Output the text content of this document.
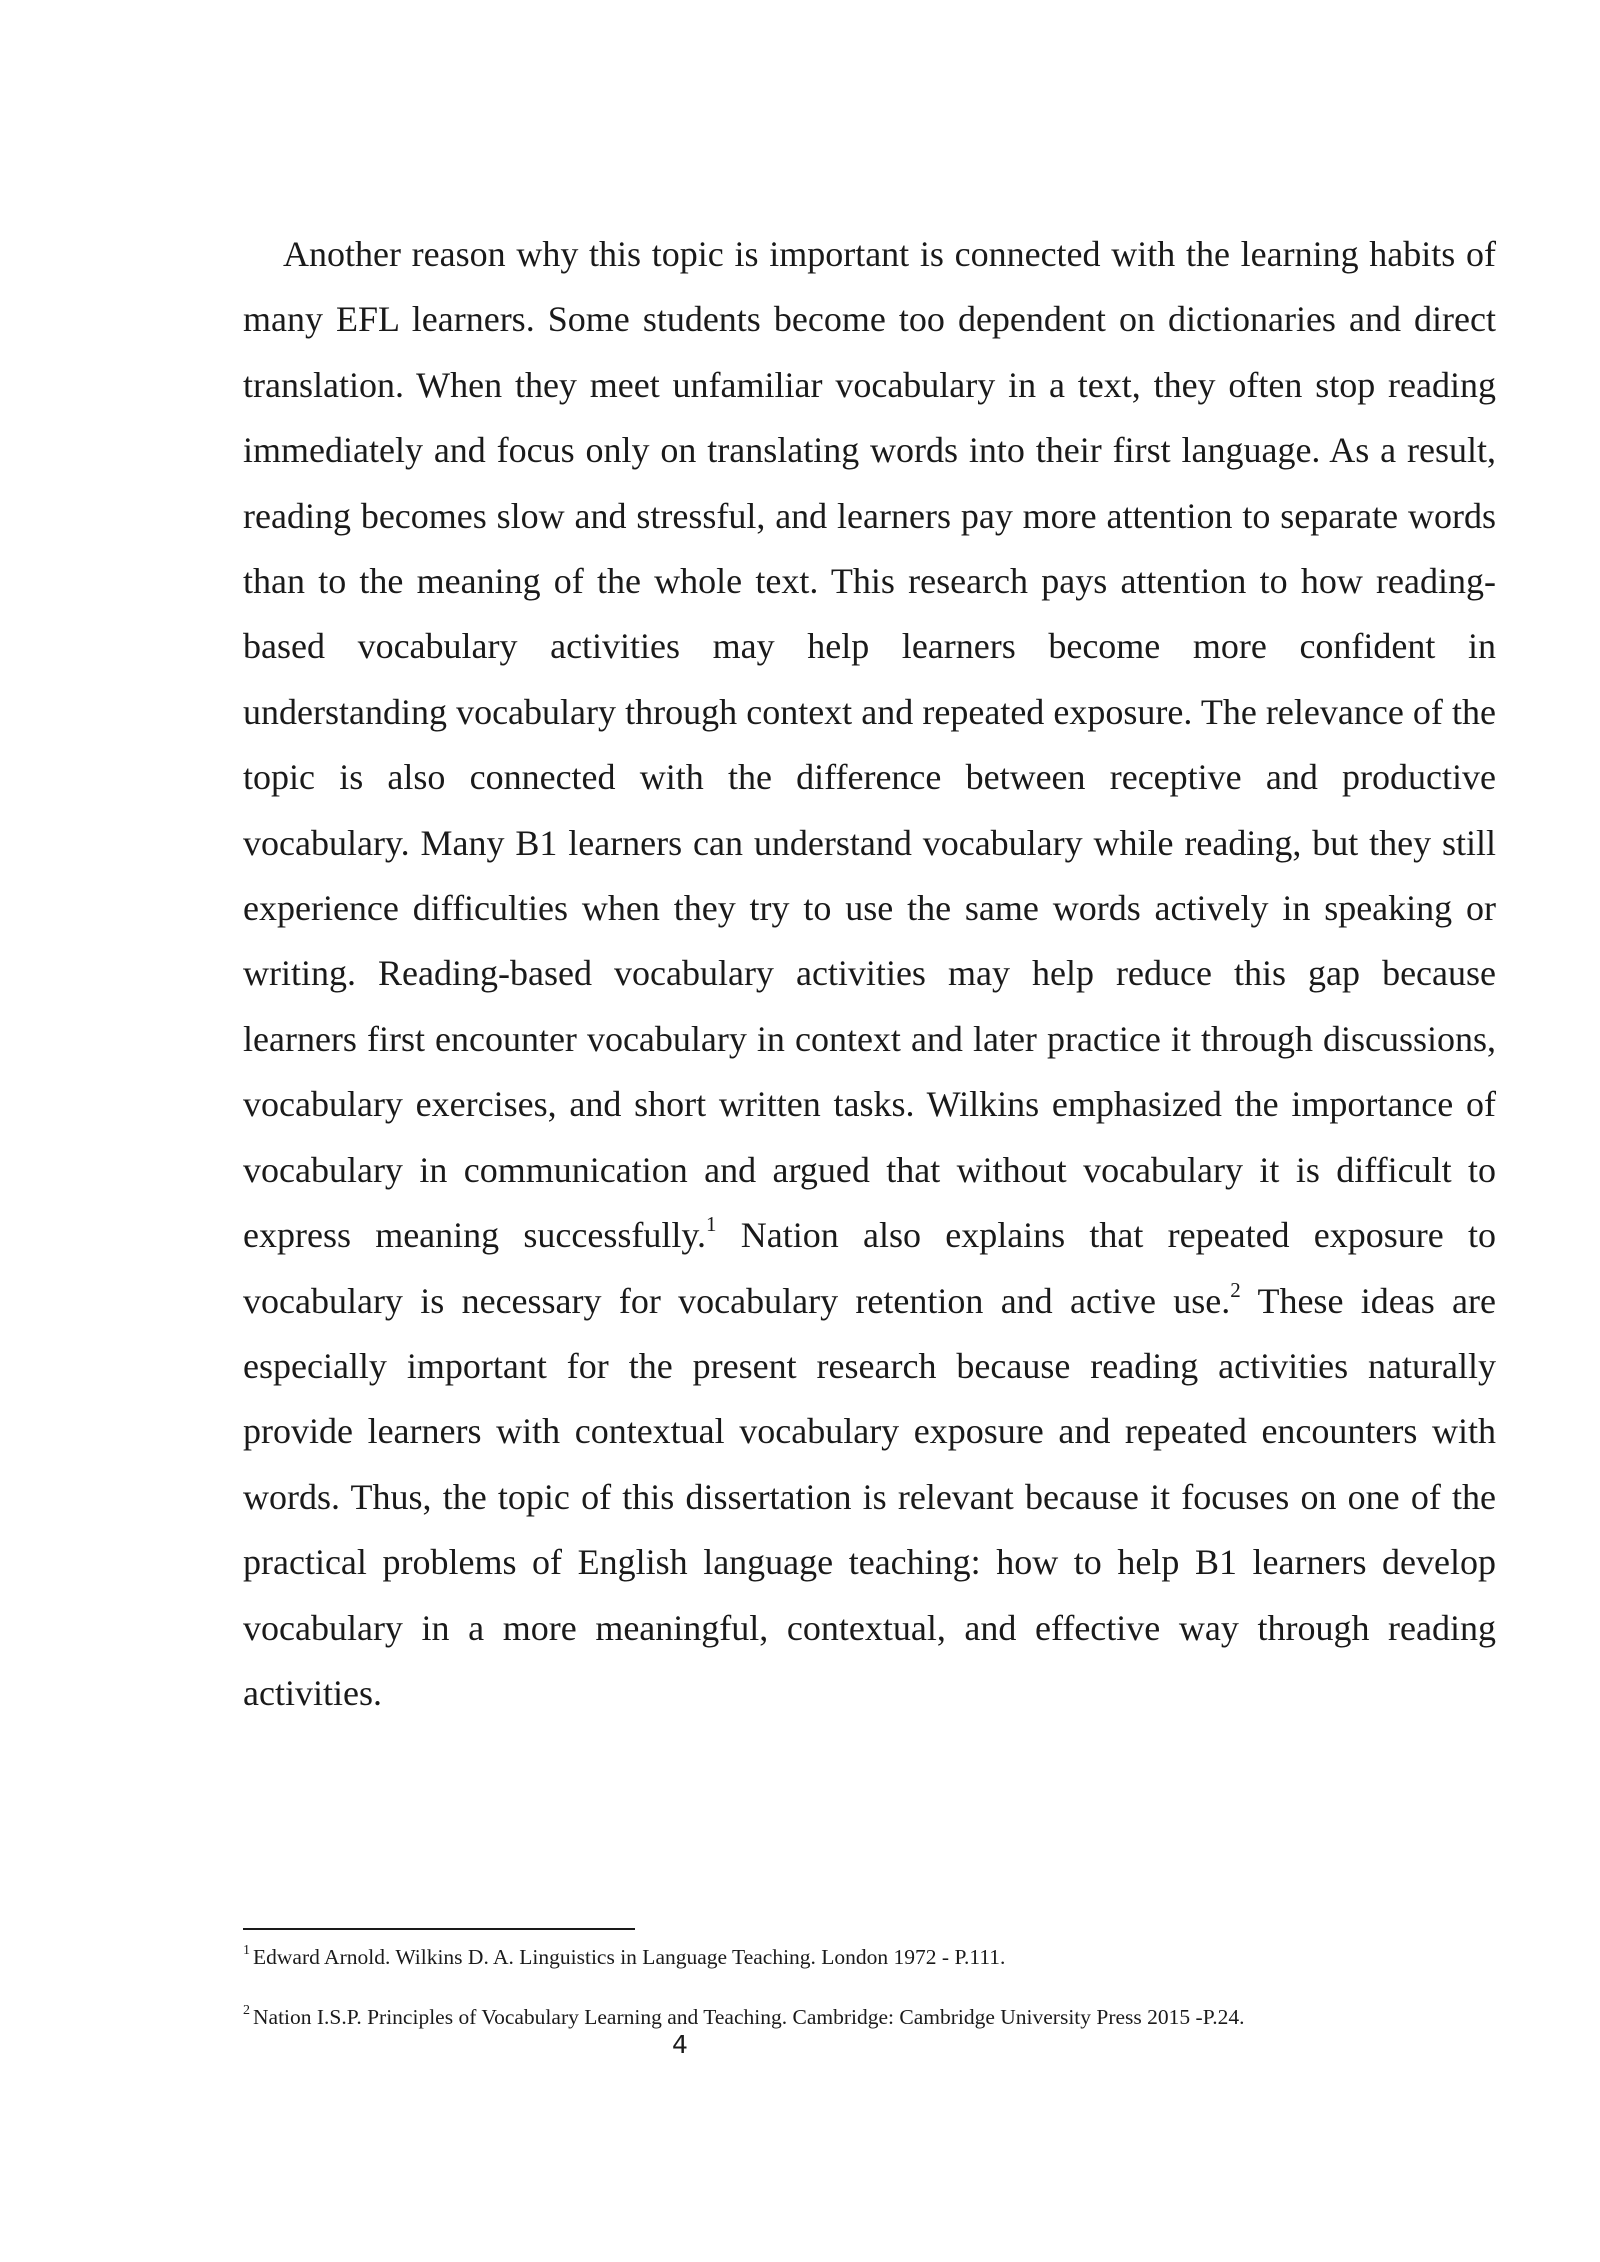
Another reason why this topic is important is connected with the learning habits of many EFL learners. Some students become too dependent on dictionaries and direct translation. When they meet unfamiliar vocabulary in a text, they often stop reading immediately and focus only on translating words into their first language. As a result, reading becomes slow and stressful, and learners pay more attention to separate words than to the meaning of the whole text. This research pays attention to how reading-based vocabulary activities may help learners become more confident in understanding vocabulary through context and repeated exposure. The relevance of the topic is also connected with the difference between receptive and productive vocabulary. Many B1 learners can understand vocabulary while reading, but they still experience difficulties when they try to use the same words actively in speaking or writing. Reading-based vocabulary activities may help reduce this gap because learners first encounter vocabulary in context and later practice it through discussions, vocabulary exercises, and short written tasks. Wilkins emphasized the importance of vocabulary in communication and argued that without vocabulary it is difficult to express meaning successfully.$^1$ Nation also explains that repeated exposure to vocabulary is necessary for vocabulary retention and active use.$^2$ These ideas are especially important for the present research because reading activities naturally provide learners with contextual vocabulary exposure and repeated encounters with words. Thus, the topic of this dissertation is relevant because it focuses on one of the practical problems of English language teaching: how to help B1 learners develop vocabulary in a more meaningful, contextual, and effective way through reading activities.

$^1$ Edward Arnold. Wilkins D. A. Linguistics in Language Teaching. London 1972 - P.111.

$^2$ Nation I.S.P. Principles of Vocabulary Learning and Teaching. Cambridge: Cambridge University Press 2015 -P.24.

4
